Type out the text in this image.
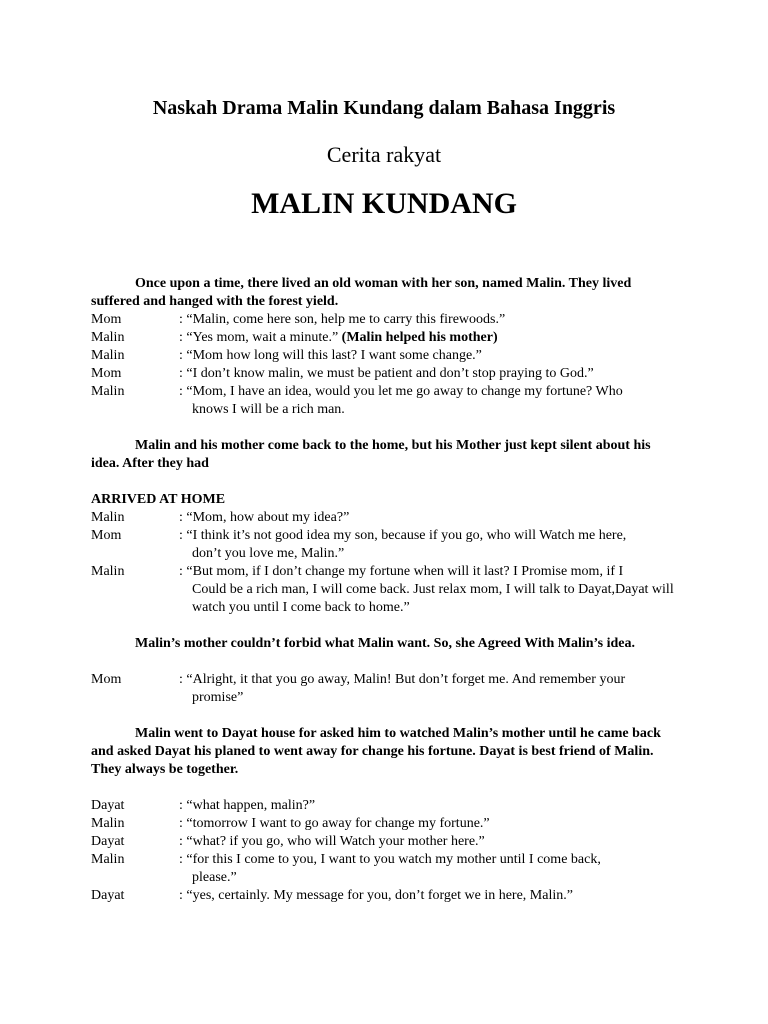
Naskah Drama Malin Kundang dalam Bahasa Inggris
Cerita rakyat
MALIN KUNDANG

Once upon a time, there lived an old woman with her son, named Malin. They lived suffered and hanged with the forest yield.

Mom	: “Malin, come here son, help me to carry this firewoods.”
Malin	: “Yes mom, wait a minute.” (Malin helped his mother)
Malin	: “Mom how long will this last? I want some change.”
Mom	: “I don’t know malin, we must be patient and don’t stop praying to God.”
Malin	: “Mom, I have an idea, would you let me go away to change my fortune? Who
knows I will be a rich man.

Malin and his mother come back to the home, but his Mother just kept silent about his idea. After they had

ARRIVED AT HOME

Malin	: “Mom, how about my idea?”
Mom	: “I think it’s not good idea my son, because if you go, who will Watch me here,
don’t you love me, Malin.”
Malin	: “But mom, if I don’t change my fortune when will it last? I Promise mom, if I
Could be a rich man, I will come back. Just relax mom, I will talk to Dayat,Dayat will watch you until I come back to home.”

Malin’s mother couldn’t forbid what Malin want. So, she Agreed With Malin’s idea.

Mom	: “Alright, it that you go away, Malin! But don’t forget me. And remember your
promise”

Malin went to Dayat house for asked him to watched Malin’s mother until he came back and asked Dayat his planed to went away for change his fortune. Dayat is best friend of Malin. They always be together.

Dayat	: “what happen, malin?”
Malin	: “tomorrow I want to go away for change my fortune.”
Dayat	: “what? if you go, who will Watch your mother here.”
Malin	: “for this I come to you, I want to you watch my mother until I come back,
please.”
Dayat	: “yes, certainly. My message for you, don’t forget we in here, Malin.”
